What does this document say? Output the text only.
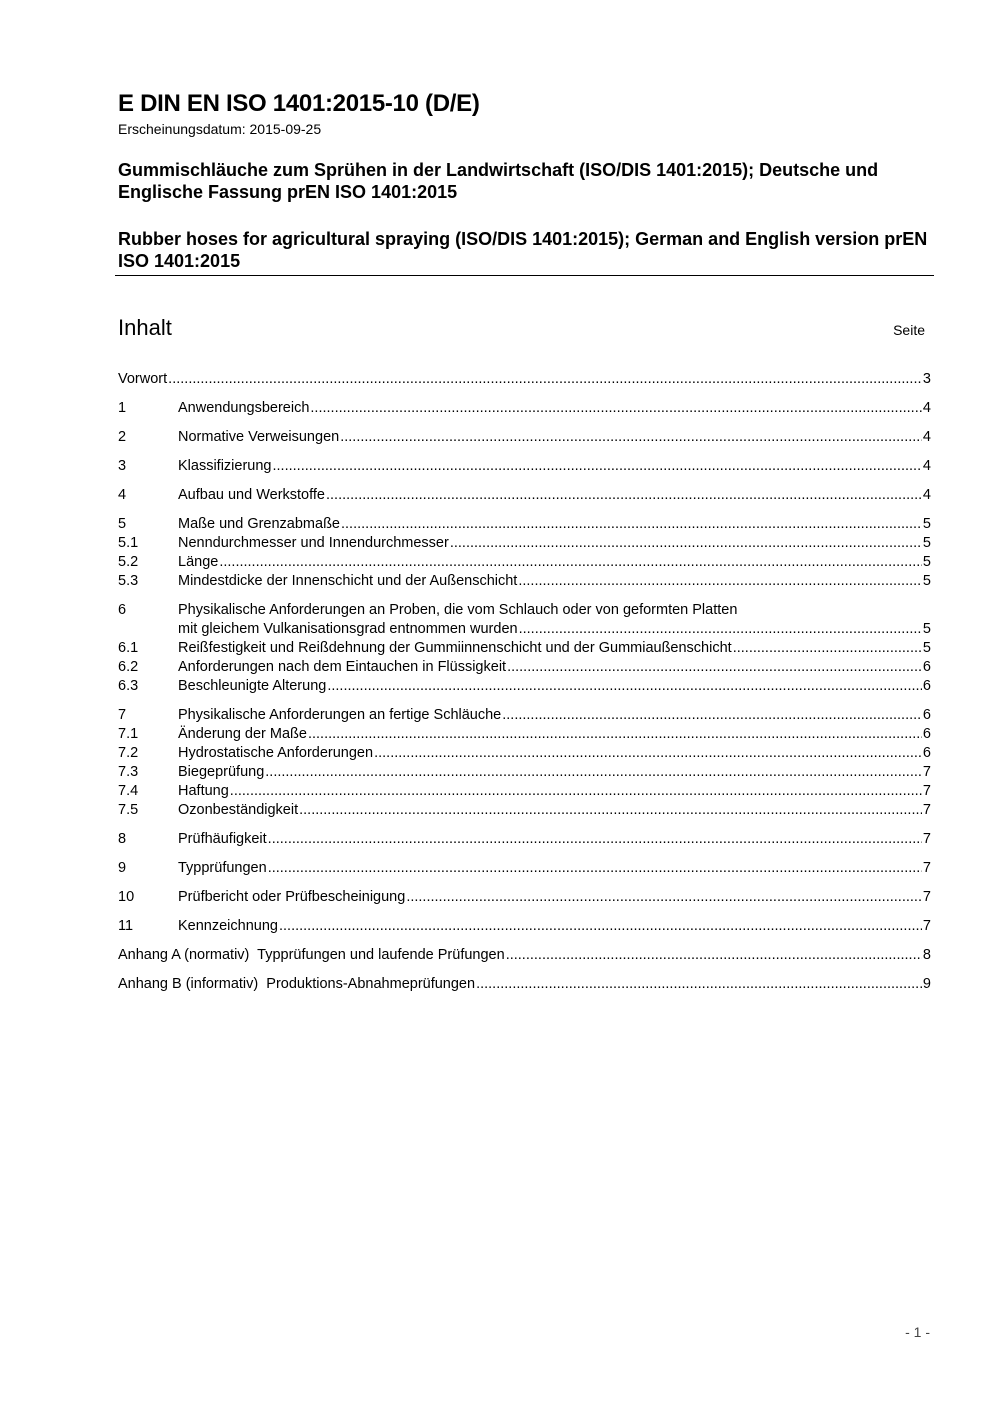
E DIN EN ISO 1401:2015-10 (D/E)
Erscheinungsdatum: 2015-09-25
Gummischläuche zum Sprühen in der Landwirtschaft (ISO/DIS 1401:2015); Deutsche und Englische Fassung prEN ISO 1401:2015
Rubber hoses for agricultural spraying (ISO/DIS 1401:2015); German and English version prEN ISO 1401:2015
Inhalt	Seite
Vorwort .....	3
1	Anwendungsbereich .....	4
2	Normative Verweisungen .....	4
3	Klassifizierung .....	4
4	Aufbau und Werkstoffe .....	4
5	Maße und Grenzabmaße .....	5
5.1	Nenndurchmesser und Innendurchmesser .....	5
5.2	Länge .....	5
5.3	Mindestdicke der Innenschicht und der Außenschicht .....	5
6	Physikalische Anforderungen an Proben, die vom Schlauch oder von geformten Platten
mit gleichem Vulkanisationsgrad entnommen wurden .....	5
6.1	Reißfestigkeit und Reißdehnung der Gummiinnenschicht und der Gummiaußenschicht .....	5
6.2	Anforderungen nach dem Eintauchen in Flüssigkeit .....	6
6.3	Beschleunigte Alterung .....	6
7	Physikalische Anforderungen an fertige Schläuche .....	6
7.1	Änderung der Maße .....	6
7.2	Hydrostatische Anforderungen .....	6
7.3	Biegeprüfung .....	7
7.4	Haftung .....	7
7.5	Ozonbeständigkeit .....	7
8	Prüfhäufigkeit .....	7
9	Typprüfungen .....	7
10	Prüfbericht oder Prüfbescheinigung .....	7
11	Kennzeichnung .....	7
Anhang A (normativ)  Typprüfungen und laufende Prüfungen .....	8
Anhang B (informativ)  Produktions-Abnahmeprüfungen .....	9
- 1 -
